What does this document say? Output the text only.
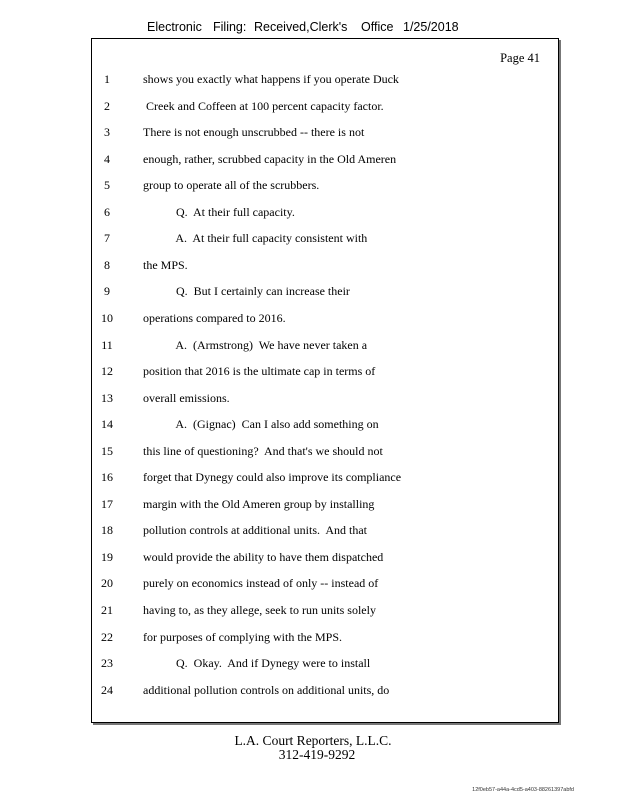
Electronic Filing: Received,Clerk's Office 1/25/2018
Page 41
1	shows you exactly what happens if you operate Duck
2	Creek and Coffeen at 100 percent capacity factor.
3	There is not enough unscrubbed -- there is not
4	enough, rather, scrubbed capacity in the Old Ameren
5	group to operate all of the scrubbers.
6	Q.  At their full capacity.
7	A.  At their full capacity consistent with
8	the MPS.
9	Q.  But I certainly can increase their
10	operations compared to 2016.
11	A.  (Armstrong)  We have never taken a
12	position that 2016 is the ultimate cap in terms of
13	overall emissions.
14	A.  (Gignac)  Can I also add something on
15	this line of questioning?  And that's we should not
16	forget that Dynegy could also improve its compliance
17	margin with the Old Ameren group by installing
18	pollution controls at additional units.  And that
19	would provide the ability to have them dispatched
20	purely on economics instead of only -- instead of
21	having to, as they allege, seek to run units solely
22	for purposes of complying with the MPS.
23	Q.  Okay.  And if Dynegy were to install
24	additional pollution controls on additional units, do
L.A. Court Reporters, L.L.C.
312-419-9292
12f0eb57-a44a-4cd5-a403-88261397abfd
